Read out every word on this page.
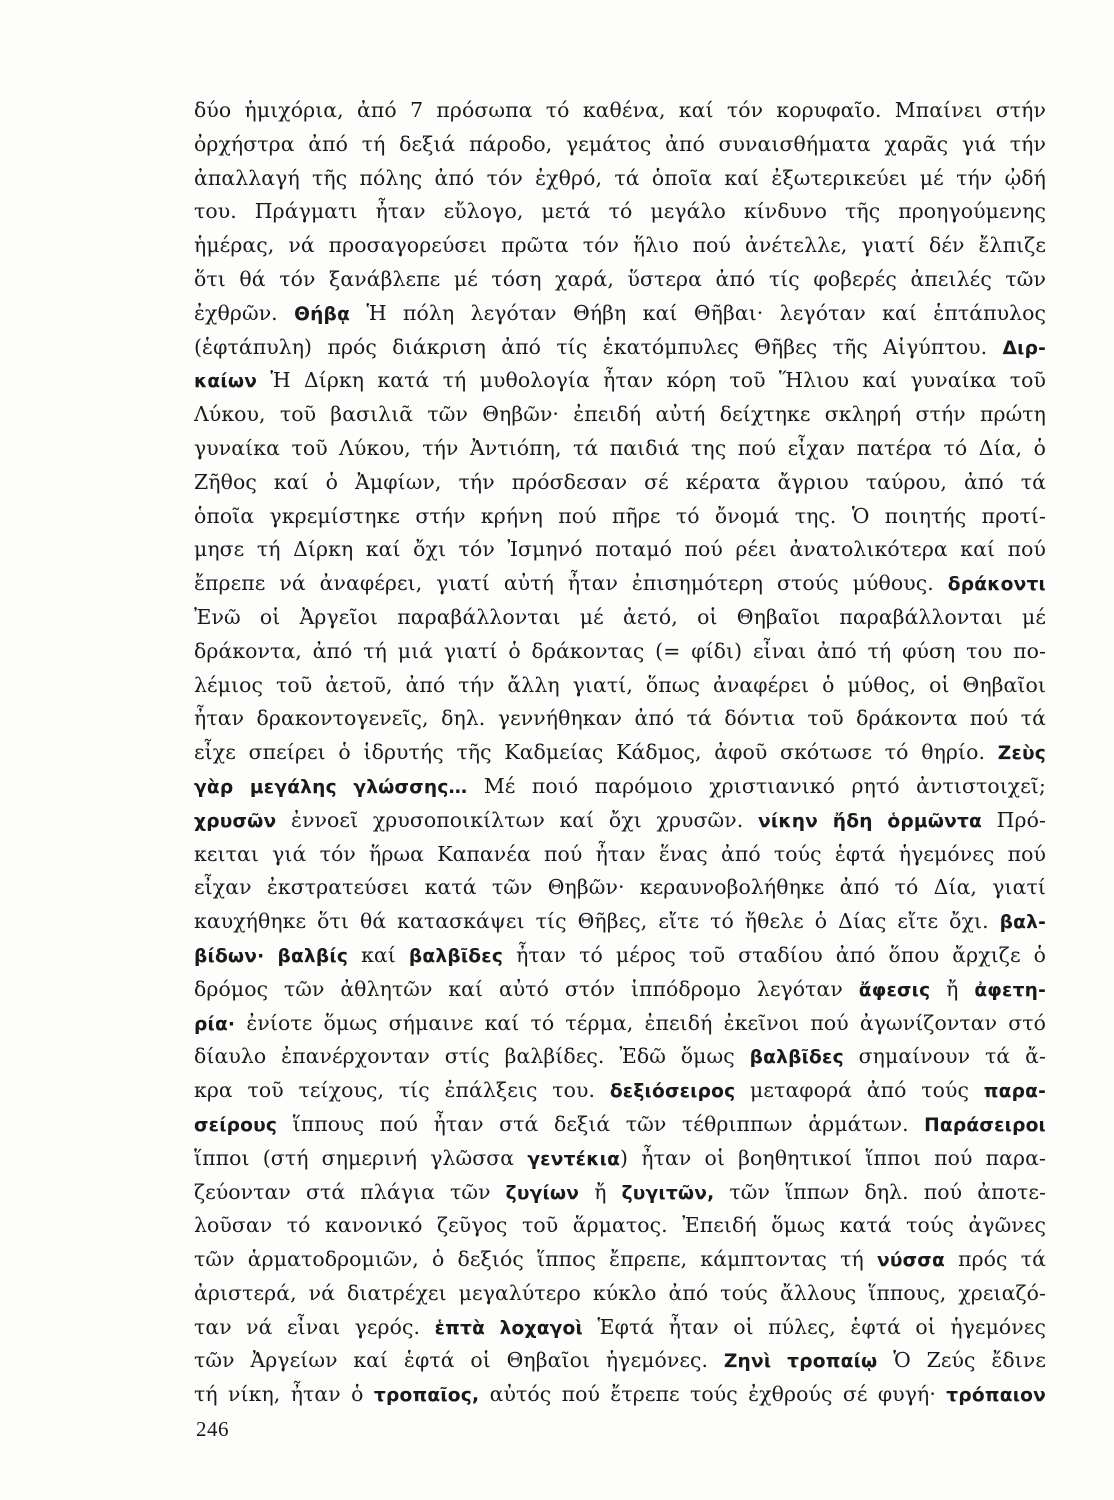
δύο ἡμιχόρια, ἀπό 7 πρόσωπα τό καθένα, καί τόν κορυφαῖο. Μπαίνει στήν
ὀρχήστρα ἀπό τή δεξιά πάροδο, γεμάτος ἀπό συναισθήματα χαρᾶς γιά τήν
ἀπαλλαγή τῆς πόλης ἀπό τόν ἐχθρό, τά ὁποῖα καί ἐξωτερικεύει μέ τήν ᾠδή
του. Πράγματι ἦταν εὔλογο, μετά τό μεγάλο κίνδυνο τῆς προηγούμενης
ἡμέρας, νά προσαγορεύσει πρῶτα τόν ἥλιο πού ἀνέτελλε, γιατί δέν ἔλπιζε
ὅτι θά τόν ξανάβλεπε μέ τόση χαρά, ὕστερα ἀπό τίς φοβερές ἀπειλές τῶν
ἐχθρῶν. Θήβᾳ Ἡ πόλη λεγόταν Θήβη καί Θῆβαι· λεγόταν καί ἑπτάπυλος
(ἑφτάπυλη) πρός διάκριση ἀπό τίς ἑκατόμπυλες Θῆβες τῆς Αἰγύπτου. Διρ-
καίων Ἡ Δίρκη κατά τή μυθολογία ἦταν κόρη τοῦ Ἥλιου καί γυναίκα τοῦ
Λύκου, τοῦ βασιλιᾶ τῶν Θηβῶν· ἐπειδή αὐτή δείχτηκε σκληρή στήν πρώτη
γυναίκα τοῦ Λύκου, τήν Ἀντιόπη, τά παιδιά της πού εἶχαν πατέρα τό Δία, ὁ
Ζῆθος καί ὁ Ἀμφίων, τήν πρόσδεσαν σέ κέρατα ἄγριου ταύρου, ἀπό τά
ὁποῖα γκρεμίστηκε στήν κρήνη πού πῆρε τό ὄνομά της. Ὁ ποιητής προτί-
μησε τή Δίρκη καί ὄχι τόν Ἰσμηνό ποταμό πού ρέει ἀνατολικότερα καί πού
ἔπρεπε νά ἀναφέρει, γιατί αὐτή ἦταν ἐπισημότερη στούς μύθους. δράκοντι
Ἐνῶ οἱ Ἀργεῖοι παραβάλλονται μέ ἀετό, οἱ Θηβαῖοι παραβάλλονται μέ
δράκοντα, ἀπό τή μιά γιατί ὁ δράκοντας (= φίδι) εἶναι ἀπό τή φύση του πο-
λέμιος τοῦ ἀετοῦ, ἀπό τήν ἄλλη γιατί, ὅπως ἀναφέρει ὁ μύθος, οἱ Θηβαῖοι
ἦταν δρακοντογενεῖς, δηλ. γεννήθηκαν ἀπό τά δόντια τοῦ δράκοντα πού τά
εἶχε σπείρει ὁ ἱδρυτής τῆς Καδμείας Κάδμος, ἀφοῦ σκότωσε τό θηρίο. Ζεὺς
γὰρ μεγάλης γλώσσης… Μέ ποιό παρόμοιο χριστιανικό ρητό ἀντιστοιχεῖ;
χρυσῶν ἐννοεῖ χρυσοποικίλτων καί ὄχι χρυσῶν. νίκην ἤδη ὁρμῶντα Πρό-
κειται γιά τόν ἥρωα Καπανέα πού ἦταν ἕνας ἀπό τούς ἑφτά ἡγεμόνες πού
εἶχαν ἐκστρατεύσει κατά τῶν Θηβῶν· κεραυνοβολήθηκε ἀπό τό Δία, γιατί
καυχήθηκε ὅτι θά κατασκάψει τίς Θῆβες, εἴτε τό ἤθελε ὁ Δίας εἴτε ὄχι. βαλ-
βίδων· βαλβίς καί βαλβῖδες ἦταν τό μέρος τοῦ σταδίου ἀπό ὅπου ἄρχιζε ὁ
δρόμος τῶν ἀθλητῶν καί αὐτό στόν ἱππόδρομο λεγόταν ἄφεσις ἤ ἀφετη-
ρία· ἐνίοτε ὅμως σήμαινε καί τό τέρμα, ἐπειδή ἐκεῖνοι πού ἀγωνίζονταν στό
δίαυλο ἐπανέρχονταν στίς βαλβίδες. Ἐδῶ ὅμως βαλβῖδες σημαίνουν τά ἄ-
κρα τοῦ τείχους, τίς ἐπάλξεις του. δεξιόσειρος μεταφορά ἀπό τούς παρα-
σείρους ἵππους πού ἦταν στά δεξιά τῶν τέθριππων ἁρμάτων. Παράσειροι
ἵπποι (στή σημερινή γλῶσσα γεντέκια) ἦταν οἱ βοηθητικοί ἵπποι πού παρα-
ζεύονταν στά πλάγια τῶν ζυγίων ἤ ζυγιτῶν, τῶν ἵππων δηλ. πού ἀποτε-
λοῦσαν τό κανονικό ζεῦγος τοῦ ἅρματος. Ἐπειδή ὅμως κατά τούς ἀγῶνες
τῶν ἁρματοδρομιῶν, ὁ δεξιός ἵππος ἔπρεπε, κάμπτοντας τή νύσσα πρός τά
ἀριστερά, νά διατρέχει μεγαλύτερο κύκλο ἀπό τούς ἄλλους ἵππους, χρειαζό-
ταν νά εἶναι γερός. ἑπτὰ λοχαγοὶ Ἑφτά ἦταν οἱ πύλες, ἑφτά οἱ ἡγεμόνες
τῶν Ἀργείων καί ἑφτά οἱ Θηβαῖοι ἡγεμόνες. Ζηνὶ τροπαίῳ Ὁ Ζεύς ἔδινε
τή νίκη, ἦταν ὁ τροπαῖος, αὐτός πού ἔτρεπε τούς ἐχθρούς σέ φυγή· τρόπαιον
246
